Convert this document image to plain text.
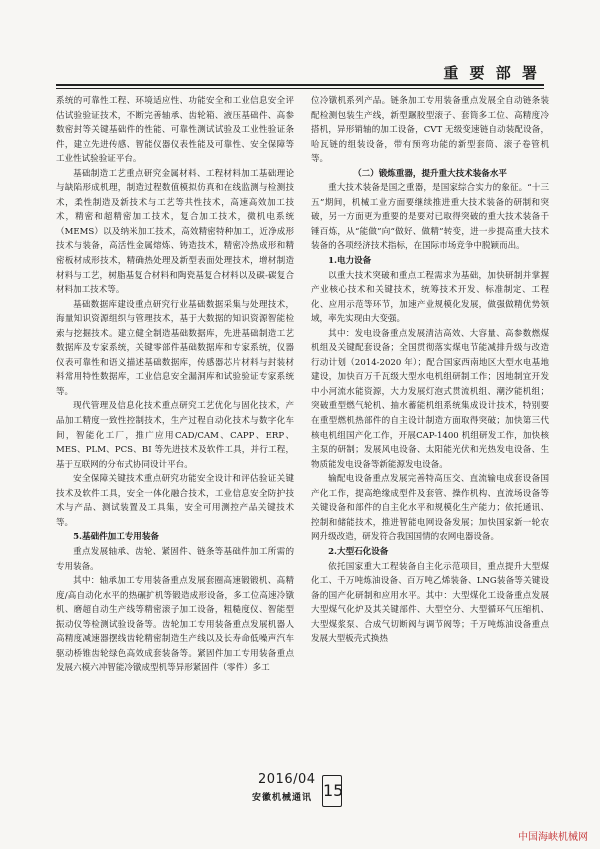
重 要 部 署

系统的可靠性工程、环境适应性、功能安全和工业信息安全评估试验验证技术，不断完善轴承、齿轮箱、液压基础件、高参数密封等关键基础件的性能、可靠性测试试验及工业性验证条件，建立先进传感、智能仪器仪表性能及可靠性、安全保障等工业性试验验证平台。

基础制造工艺重点研究金属材料、工程材料加工基础理论与缺陷形成机理，制造过程数值模拟仿真和在线监测与检测技术，柔性制造及新技术与工艺等共性技术，高速高效加工技术，精密和超精密加工技术，复合加工技术，微机电系统（MEMS）以及纳米加工技术，高效精密特种加工，近净成形技术与装备，高活性金属熔炼、铸造技术，精密冷热成形和精密板材成形技术，精确热处理及新型表面处理技术，增材制造材料与工艺，树脂基复合材料和陶瓷基复合材料以及碳-碳复合材料加工技术等。

基础数据库建设重点研究行业基础数据采集与处理技术，海量知识资源组织与管理技术，基于大数据的知识资源智能检索与挖掘技术。建立健全制造基础数据库，先进基础制造工艺数据库及专家系统，关键零部件基础数据库和专家系统，仪器仪表可靠性和语义描述基础数据库，传感器芯片材料与封装材料常用特性数据库，工业信息安全漏洞库和试验验证专家系统等。

现代管理及信息化技术重点研究工艺优化与固化技术，产品加工精度一致性控制技术，生产过程自动化技术与数字化车间，智能化工厂，推广应用CAD/CAM、CAPP、ERP、MES、PLM、PCS、BI 等先进技术及软件工具，并行工程，基于互联网的分布式协同设计平台。

安全保障关键技术重点研究功能安全设计和评估验证关键技术及软件工具，安全一体化融合技术，工业信息安全防护技术与产品、测试装置及工具集，安全可用测控产品关键技术等。

5.基础件加工专用装备

重点发展轴承、齿轮、紧固件、链条等基础件加工所需的专用装备。

其中：轴承加工专用装备重点发展套圈高速锻锻机、高精度/高自动化水平的热碾扩机等锻造成形设备，多工位高速冷镦机、磨超自动生产线等精密滚子加工设备，粗糙度仪、智能型振动仪等检测试验设备等。齿轮加工专用装备重点发展机器人高精度减速器摆线齿轮精密制造生产线以及长寿命低噪声汽车驱动桥锥齿轮绿色高效成套装备等。紧固件加工专用装备重点发展六模六冲智能冷镦成型机等异形紧固件（零件）多工

位冷镦机系列产品。链条加工专用装备重点发展全自动链条装配检测包装生产线，新型蹍胶型滚子、套筒多工位、高精度冷搭机，异形销轴的加工设备，CVT 无级变速链自动装配设备，哈瓦链的组装设备，带有预弯功能的新型套筒、滚子卷管机等。

（二）锻炼重器，提升重大技术装备水平

重大技术装备是国之重器，是国家综合实力的象征。“十三五”期间，机械工业方面要继续推进重大技术装备的研制和突破，另一方面更为重要的是要对已取得突破的重大技术装备千锤百炼，从“能做”向“做好、做精”转变，进一步提高重大技术装备的各项经济技术指标，在国际市场竞争中脱颖而出。

1.电力设备

以重大技术突破和重点工程需求为基础，加快研制并掌握产业核心技术和关键技术，统筹技术开发、标准制定、工程化、应用示范等环节，加速产业规模化发展，做强做精优势领域，率先实现由大变强。

其中：发电设备重点发展清洁高效、大容量、高参数燃煤机组及关键配套设备；全国贯彻落实煤电节能减排升级与改造行动计划（2014-2020 年）；配合国家西南地区大型水电基地建设，加快百万千瓦级大型水电机组研制工作；因地制宜开发中小河流水能资源，大力发展灯泡式贯流机组、潮汐能机组；突破重型燃气轮机、抽水蓄能机组系统集成设计技术，特别要在重型燃机热部件的自主设计制造方面取得突破；加快第三代核电机组国产化工作，开展CAP-1400 机组研发工作，加快核主泵的研制；发展风电设备、太阳能光伏和光热发电设备、生物质能发电设备等新能源发电设备。

输配电设备重点发展完善特高压交、直流输电成套设备国产化工作，提高绝缘成型件及套管、操作机构、直流场设备等关键设备和部件的自主化水平和规模化生产能力；依托通讯、控制和储能技术，推进智能电网设备发展；加快国家新一轮农网升级改造，研发符合我国国情的农网电器设备。

2.大型石化设备

依托国家重大工程装备自主化示范项目，重点提升大型煤化工、千万吨炼油设备、百万吨乙烯装备、LNG装备等关键设备的国产化研制和应用水平。其中：大型煤化工设备重点发展大型煤气化炉及其关键部件、大型空分、大型循环气压缩机、大型煤浆泵、合成气切断阀与调节阀等；千万吨炼油设备重点发展大型板壳式换热

2016/04
安徽机械通讯 15
中国海峡机械网
